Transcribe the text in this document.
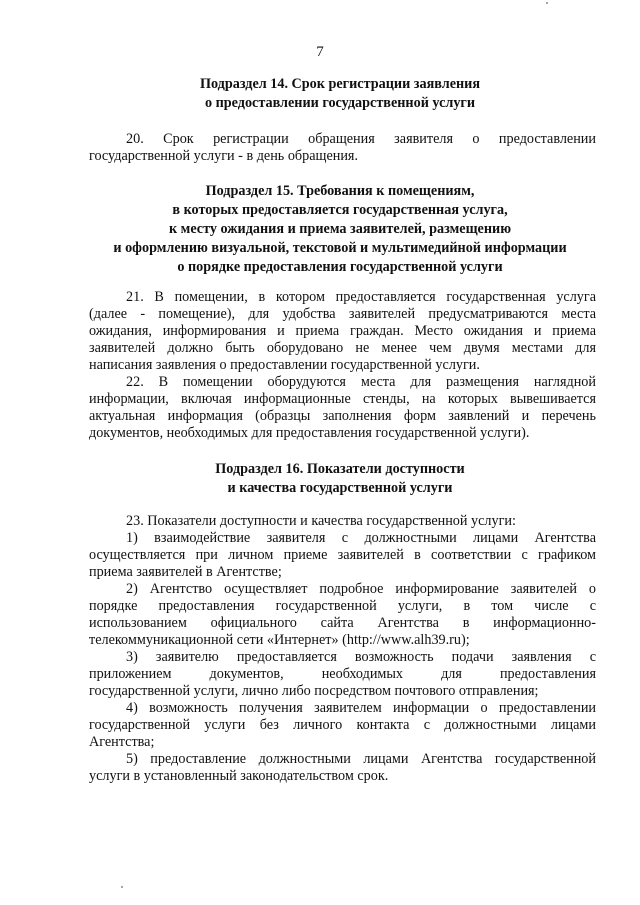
7
Подраздел 14. Срок регистрации заявления
о предоставлении государственной услуги
20. Срок регистрации обращения заявителя о предоставлении
государственной услуги - в день обращения.
Подраздел 15. Требования к помещениям,
в которых предоставляется государственная услуга,
к месту ожидания и приема заявителей, размещению
и оформлению визуальной, текстовой и мультимедийной информации
о порядке предоставления государственной услуги
21. В помещении, в котором предоставляется государственная услуга
(далее - помещение), для удобства заявителей предусматриваются места
ожидания, информирования и приема граждан. Место ожидания и приема
заявителей должно быть оборудовано не менее чем двумя местами для
написания заявления о предоставлении государственной услуги.
22. В помещении оборудуются места для размещения наглядной
информации, включая информационные стенды, на которых вывешивается
актуальная информация (образцы заполнения форм заявлений и перечень
документов, необходимых для предоставления государственной услуги).
Подраздел 16. Показатели доступности
и качества государственной услуги
23. Показатели доступности и качества государственной услуги:
1) взаимодействие заявителя с должностными лицами Агентства
осуществляется при личном приеме заявителей в соответствии с графиком
приема заявителей в Агентстве;
2) Агентство осуществляет подробное информирование заявителей о
порядке предоставления государственной услуги, в том числе с
использованием официального сайта Агентства в информационно-
телекоммуникационной сети «Интернет» (http://www.alh39.ru);
3) заявителю предоставляется возможность подачи заявления с
приложением документов, необходимых для предоставления
государственной услуги, лично либо посредством почтового отправления;
4) возможность получения заявителем информации о предоставлении
государственной услуги без личного контакта с должностными лицами
Агентства;
5) предоставление должностными лицами Агентства государственной
услуги в установленный законодательством срок.
